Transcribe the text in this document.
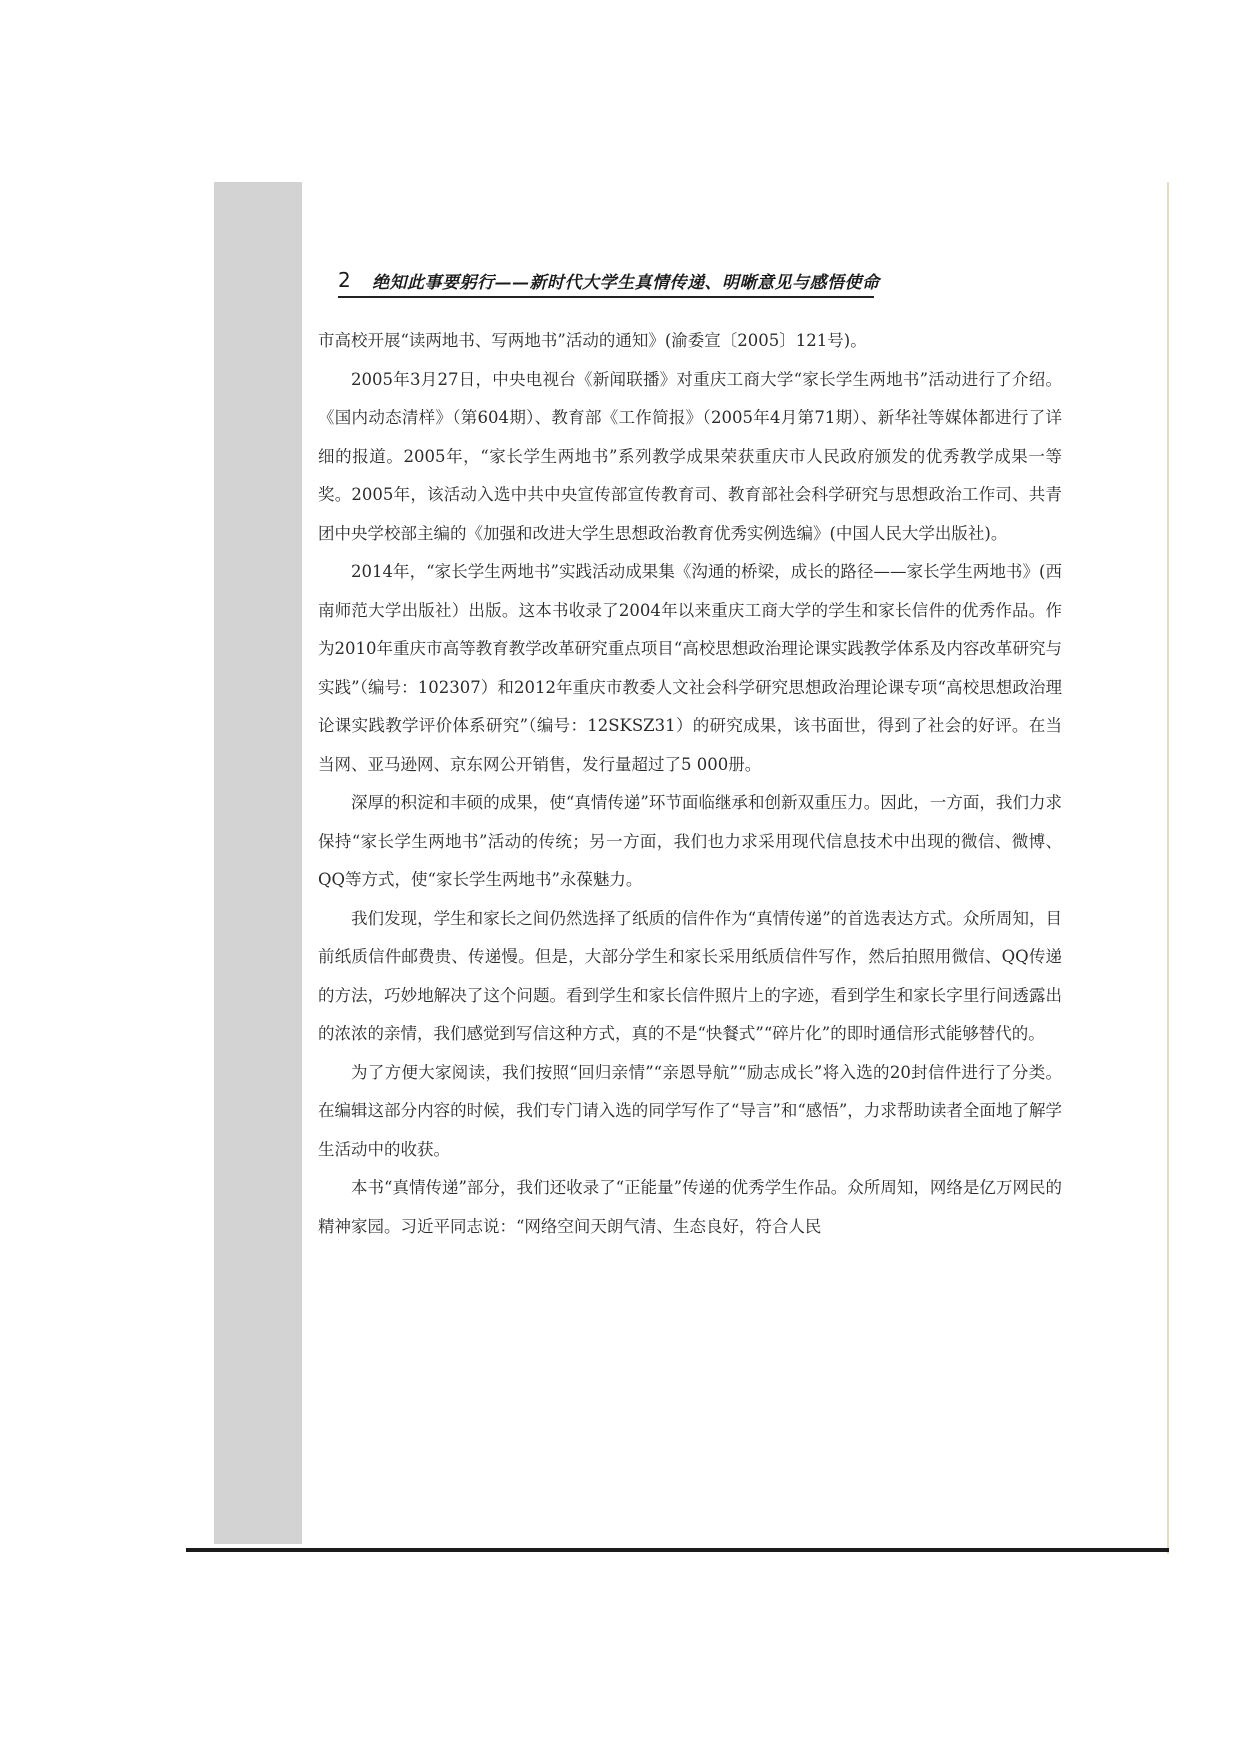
2 绝知此事要躬行——新时代大学生真情传递、明晰意见与感悟使命

市高校开展“读两地书、写两地书”活动的通知》(渝委宣〔2005〕121号)。

2005年3月27日，中央电视台《新闻联播》对重庆工商大学“家长学生两地书”活动进行了介绍。《国内动态清样》（第604期）、教育部《工作简报》（2005年4月第71期）、新华社等媒体都进行了详细的报道。2005年，“家长学生两地书”系列教学成果荣获重庆市人民政府颁发的优秀教学成果一等奖。2005年，该活动入选中共中央宣传部宣传教育司、教育部社会科学研究与思想政治工作司、共青团中央学校部主编的《加强和改进大学生思想政治教育优秀实例选编》(中国人民大学出版社)。

2014年，“家长学生两地书”实践活动成果集《沟通的桥梁，成长的路径——家长学生两地书》(西南师范大学出版社）出版。这本书收录了2004年以来重庆工商大学的学生和家长信件的优秀作品。作为2010年重庆市高等教育教学改革研究重点项目“高校思想政治理论课实践教学体系及内容改革研究与实践”（编号：102307）和2012年重庆市教委人文社会科学研究思想政治理论课专项“高校思想政治理论课实践教学评价体系研究”（编号：12SKSZ31）的研究成果，该书面世，得到了社会的好评。在当当网、亚马逊网、京东网公开销售，发行量超过了5 000册。

深厚的积淀和丰硕的成果，使“真情传递”环节面临继承和创新双重压力。因此，一方面，我们力求保持“家长学生两地书”活动的传统；另一方面，我们也力求采用现代信息技术中出现的微信、微博、QQ等方式，使“家长学生两地书”永葆魅力。

我们发现，学生和家长之间仍然选择了纸质的信件作为“真情传递”的首选表达方式。众所周知，目前纸质信件邮费贵、传递慢。但是，大部分学生和家长采用纸质信件写作，然后拍照用微信、QQ传递的方法，巧妙地解决了这个问题。看到学生和家长信件照片上的字迹，看到学生和家长字里行间透露出的浓浓的亲情，我们感觉到写信这种方式，真的不是“快餐式”“碎片化”的即时通信形式能够替代的。

为了方便大家阅读，我们按照“回归亲情”“亲恩导航”“励志成长”将入选的20封信件进行了分类。在编辑这部分内容的时候，我们专门请入选的同学写作了“导言”和“感悟”，力求帮助读者全面地了解学生活动中的收获。

本书“真情传递”部分，我们还收录了“正能量”传递的优秀学生作品。众所周知，网络是亿万网民的精神家园。习近平同志说：“网络空间天朗气清、生态良好，符合人民
